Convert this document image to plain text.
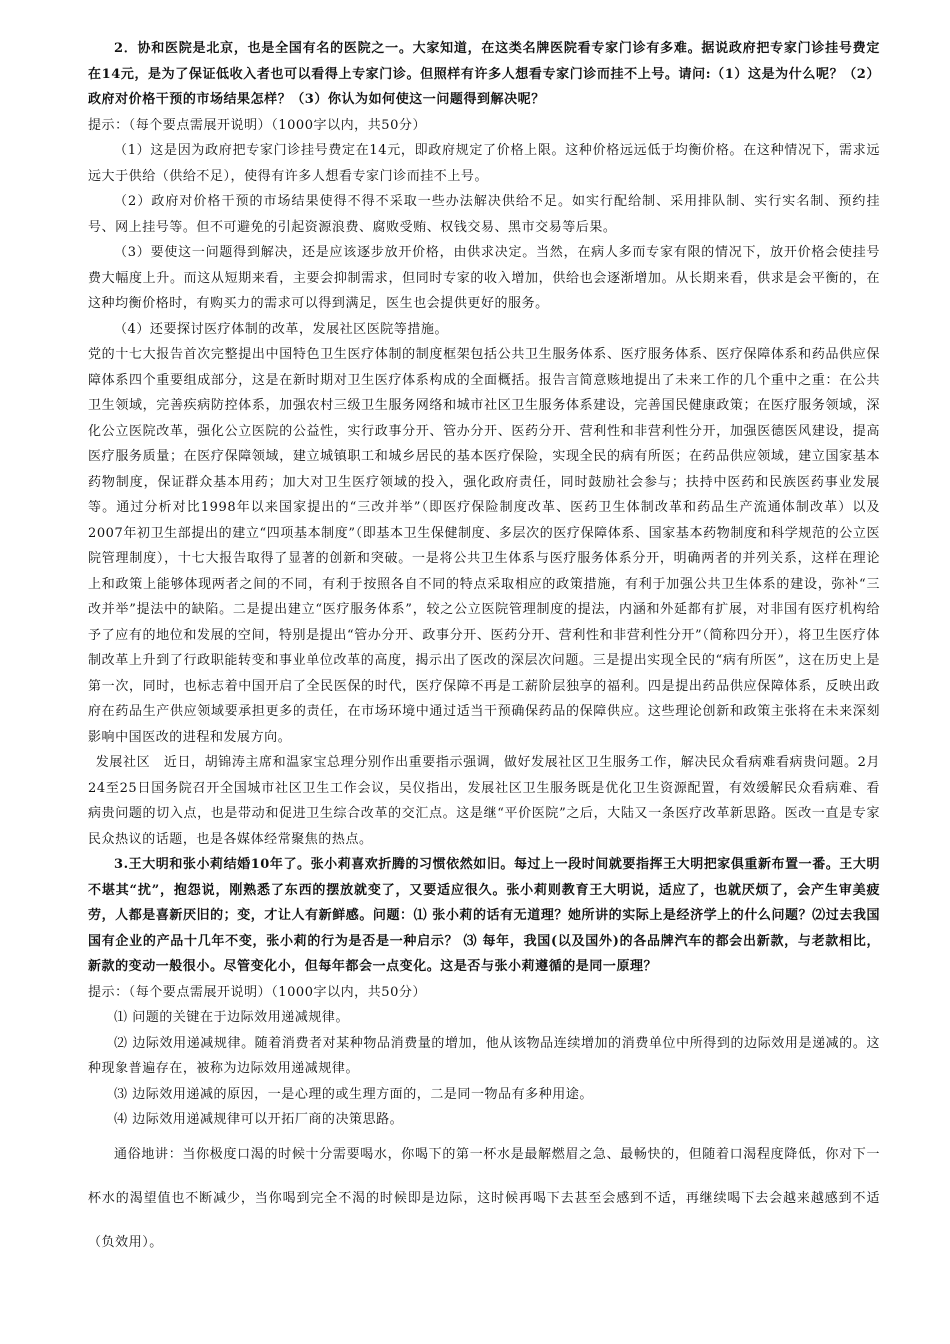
2．协和医院是北京，也是全国有名的医院之一。大家知道，在这类名牌医院看专家门诊有多难。据说政府把专家门诊挂号费定在14元，是为了保证低收入者也可以看得上专家门诊。但照样有许多人想看专家门诊而挂不上号。请问:（1）这是为什么呢？（2）政府对价格干预的市场结果怎样？（3）你认为如何使这一问题得到解决呢？

提示：（每个要点需展开说明）（1000字以内，共50分）

（1）这是因为政府把专家门诊挂号费定在14元，即政府规定了价格上限。这种价格远远低于均衡价格。在这种情况下，需求远远大于供给（供给不足），使得有许多人想看专家门诊而挂不上号。

（2）政府对价格干预的市场结果使得不得不采取一些办法解决供给不足。如实行配给制、采用排队制、实行实名制、预约挂号、网上挂号等。但不可避免的引起资源浪费、腐败受贿、权钱交易、黑市交易等后果。

（3）要使这一问题得到解决，还是应该逐步放开价格，由供求决定。当然，在病人多而专家有限的情况下，放开价格会使挂号费大幅度上升。而这从短期来看，主要会抑制需求，但同时专家的收入增加，供给也会逐渐增加。从长期来看，供求是会平衡的，在这种均衡价格时，有购买力的需求可以得到满足，医生也会提供更好的服务。

（4）还要探讨医疗体制的改革，发展社区医院等措施。

党的十七大报告首次完整提出中国特色卫生医疗体制的制度框架包括公共卫生服务体系、医疗服务体系、医疗保障体系和药品供应保障体系四个重要组成部分，这是在新时期对卫生医疗体系构成的全面概括。报告言简意赅地提出了未来工作的几个重中之重：在公共卫生领域，完善疾病防控体系，加强农村三级卫生服务网络和城市社区卫生服务体系建设，完善国民健康政策；在医疗服务领域，深化公立医院改革，强化公立医院的公益性，实行政事分开、管办分开、医药分开、营利性和非营利性分开，加强医德医风建设，提高医疗服务质量；在医疗保障领域，建立城镇职工和城乡居民的基本医疗保险，实现全民的病有所医；在药品供应领域，建立国家基本药物制度，保证群众基本用药；加大对卫生医疗领域的投入，强化政府责任，同时鼓励社会参与；扶持中医药和民族医药事业发展等。通过分析对比1998年以来国家提出的“三改并举”（即医疗保险制度改革、医药卫生体制改革和药品生产流通体制改革）以及2007年初卫生部提出的建立“四项基本制度”（即基本卫生保健制度、多层次的医疗保障体系、国家基本药物制度和科学规范的公立医院管理制度），十七大报告取得了显著的创新和突破。一是将公共卫生体系与医疗服务体系分开，明确两者的并列关系，这样在理论上和政策上能够体现两者之间的不同，有利于按照各自不同的特点采取相应的政策措施，有利于加强公共卫生体系的建设，弥补“三改并举”提法中的缺陷。二是提出建立“医疗服务体系”，较之公立医院管理制度的提法，内涵和外延都有扩展，对非国有医疗机构给予了应有的地位和发展的空间，特别是提出“管办分开、政事分开、医药分开、营利性和非营利性分开”（简称四分开），将卫生医疗体制改革上升到了行政职能转变和事业单位改革的高度，揭示出了医改的深层次问题。三是提出实现全民的“病有所医”，这在历史上是第一次，同时，也标志着中国开启了全民医保的时代，医疗保障不再是工薪阶层独享的福利。四是提出药品供应保障体系，反映出政府在药品生产供应领域要承担更多的责任，在市场环境中通过适当干预确保药品的保障供应。这些理论创新和政策主张将在未来深刻影响中国医改的进程和发展方向。

发展社区　近日，胡锦涛主席和温家宝总理分别作出重要指示强调，做好发展社区卫生服务工作，解决民众看病难看病贵问题。2月24至25日国务院召开全国城市社区卫生工作会议，吴仪指出，发展社区卫生服务既是优化卫生资源配置，有效缓解民众看病难、看病贵问题的切入点，也是带动和促进卫生综合改革的交汇点。这是继“平价医院”之后，大陆又一条医疗改革新思路。医改一直是专家民众热议的话题，也是各媒体经常聚焦的热点。

3.王大明和张小莉结婚10年了。张小莉喜欢折腾的习惯依然如旧。每过上一段时间就要指挥王大明把家俱重新布置一番。王大明不堪其“扰”，抱怨说，刚熟悉了东西的摆放就变了，又要适应很久。张小莉则教育王大明说，适应了，也就厌烦了，会产生审美疲劳，人都是喜新厌旧的；变，才让人有新鲜感。问题：⑴ 张小莉的话有无道理？她所讲的实际上是经济学上的什么问题？⑵过去我国国有企业的产品十几年不变，张小莉的行为是否是一种启示？ ⑶ 每年，我国(以及国外)的各品牌汽车的都会出新款，与老款相比，新款的变动一般很小。尽管变化小，但每年都会一点变化。这是否与张小莉遵循的是同一原理？

提示：（每个要点需展开说明）（1000字以内，共50分）

⑴ 问题的关键在于边际效用递减规律。

⑵ 边际效用递减规律。随着消费者对某种物品消费量的增加，他从该物品连续增加的消费单位中所得到的边际效用是递减的。这种现象普遍存在，被称为边际效用递减规律。

⑶ 边际效用递减的原因，一是心理的或生理方面的，二是同一物品有多种用途。

⑷ 边际效用递减规律可以开拓厂商的决策思路。

通俗地讲：当你极度口渴的时候十分需要喝水，你喝下的第一杯水是最解燃眉之急、最畅快的，但随着口渴程度降低，你对下一杯水的渴望值也不断减少，当你喝到完全不渴的时候即是边际，这时候再喝下去甚至会感到不适，再继续喝下去会越来越感到不适（负效用）。
